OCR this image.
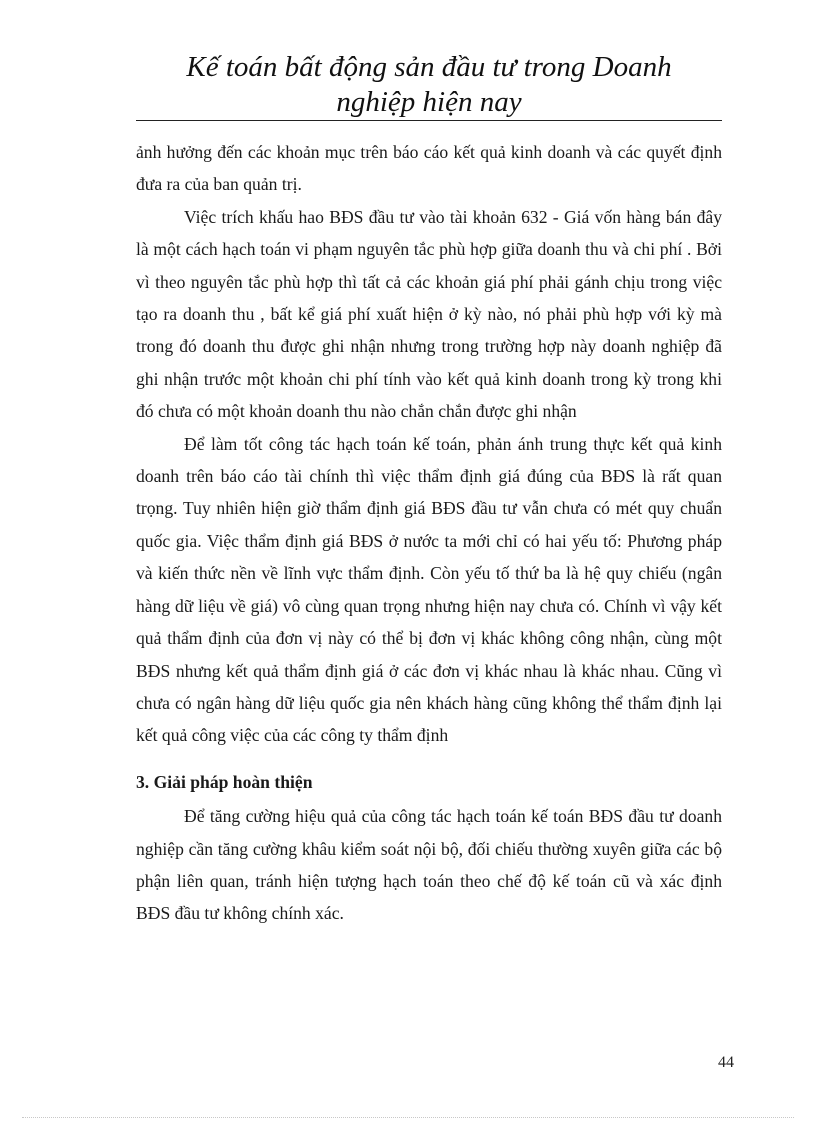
Kế toán bất động sản đầu tư trong Doanh
nghiệp hiện nay

ảnh hưởng đến các khoản mục trên báo cáo kết quả kinh doanh và các quyết định đưa ra của ban quản trị.

Việc trích khấu hao BĐS đầu tư vào tài khoản 632 - Giá vốn hàng bán đây là một cách hạch toán vi phạm nguyên tắc phù hợp giữa doanh thu và chi phí . Bởi vì theo nguyên tắc phù hợp thì tất cả các khoản giá phí phải gánh chịu trong việc tạo ra doanh thu , bất kể giá phí xuất hiện ở kỳ nào, nó phải phù hợp với kỳ mà trong đó doanh thu được ghi nhận nhưng trong trường hợp này doanh nghiệp đã ghi nhận trước một khoản chi phí tính vào kết quả kinh doanh trong kỳ trong khi đó chưa có một khoản doanh thu nào chắn chắn được ghi nhận

Để làm tốt công tác hạch toán kế toán, phản ánh trung thực kết quả kinh doanh trên báo cáo tài chính thì việc thẩm định giá đúng của BĐS là rất quan trọng. Tuy nhiên hiện giờ thẩm định giá BĐS đầu tư vẫn chưa có mét quy chuẩn quốc gia. Việc thẩm định giá BĐS ở nước ta mới chỉ có hai yếu tố: Phương pháp và kiến thức nền về lĩnh vực thẩm định. Còn yếu tố thứ ba là hệ quy chiếu (ngân hàng dữ liệu về giá) vô cùng quan trọng nhưng hiện nay chưa có. Chính vì vậy kết quả thẩm định của đơn vị này có thể bị đơn vị khác không công nhận, cùng một BĐS nhưng kết quả thẩm định giá ở các đơn vị khác nhau là khác nhau. Cũng vì chưa có ngân hàng dữ liệu quốc gia nên khách hàng cũng không thể thẩm định lại kết quả công việc của các công ty thẩm định

3. Giải pháp hoàn thiện

Để tăng cường hiệu quả của công tác hạch toán kế toán BĐS đầu tư doanh nghiệp cần tăng cường khâu kiểm soát nội bộ, đối chiếu thường xuyên giữa các bộ phận liên quan, tránh hiện tượng hạch toán theo chế độ kế toán cũ và xác định BĐS đầu tư không chính xác.

44
